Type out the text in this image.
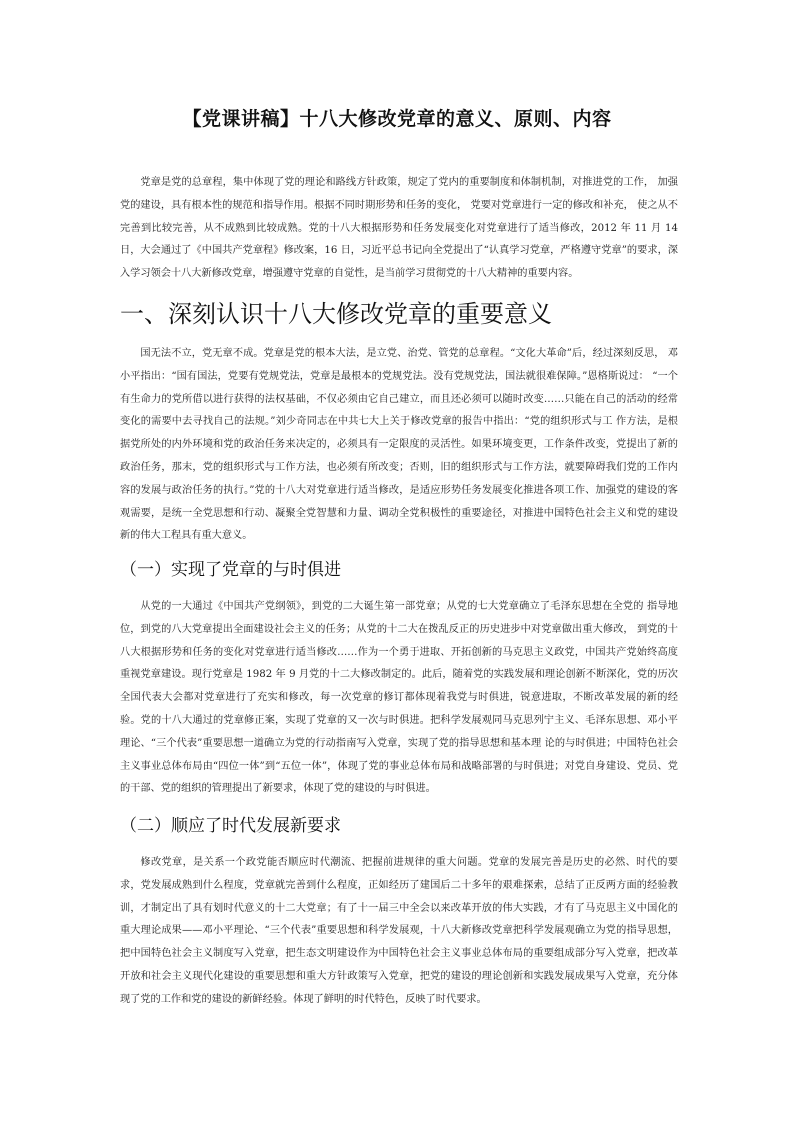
【党课讲稿】十八大修改党章的意义、原则、内容

党章是党的总章程，集中体现了党的理论和路线方针政策，规定了党内的重要制度和体制机制，对推进党的工作， 加强党的建设，具有根本性的规范和指导作用。根据不同时期形势和任务的变化， 党要对党章进行一定的修改和补充， 使之从不完善到比较完善，从不成熟到比较成熟。党的十八大根据形势和任务发展变化对党章进行了适当修改，2012 年 11 月 14 日，大会通过了《中国共产党章程》修改案，16 日，习近平总书记向全党提出了“认真学习党章，严格遵守党章”的要求，深入学习领会十八大新修改党章，增强遵守党章的自觉性，是当前学习贯彻党的十八大精神的重要内容。

一、深刻认识十八大修改党章的重要意义

国无法不立，党无章不成。党章是党的根本大法，是立党、治党、管党的总章程。“文化大革命”后，经过深刻反思， 邓小平指出：“国有国法，党要有党规党法，党章是最根本的党规党法。没有党规党法，国法就很难保障。”恩格斯说过： “一个有生命力的党所借以进行获得的法权基础，不仅必须由它自己建立，而且还必须可以随时改变……只能在自己的活动的经常变化的需要中去寻找自己的法规。”刘少奇同志在中共七大上关于修改党章的报告中指出：“党的组织形式与工 作方法，是根据党所处的内外环境和党的政治任务来决定的，必须具有一定限度的灵活性。如果环境变更，工作条件改变，党提出了新的政治任务，那末，党的组织形式与工作方法，也必须有所改变；否则，旧的组织形式与工作方法，就要障碍我们党的工作内容的发展与政治任务的执行。”党的十八大对党章进行适当修改，是适应形势任务发展变化推进各项工作、加强党的建设的客观需要，是统一全党思想和行动、凝聚全党智慧和力量、调动全党积极性的重要途径，对推进中国特色社会主义和党的建设新的伟大工程具有重大意义。

（一）实现了党章的与时俱进

从党的一大通过《中国共产党纲领》，到党的二大诞生第一部党章；从党的七大党章确立了毛泽东思想在全党的 指导地位，到党的八大党章提出全面建设社会主义的任务；从党的十二大在拨乱反正的历史进步中对党章做出重大修改， 到党的十八大根据形势和任务的变化对党章进行适当修改……作为一个勇于进取、开拓创新的马克思主义政党，中国共产党始终高度重视党章建设。现行党章是 1982 年 9 月党的十二大修改制定的。此后，随着党的实践发展和理论创新不断深化，党的历次全国代表大会都对党章进行了充实和修改，每一次党章的修订都体现着我党与时俱进，锐意进取，不断改革发展的新的经验。党的十八大通过的党章修正案，实现了党章的又一次与时俱进。把科学发展观同马克思列宁主义、毛泽东思想、邓小平理论、“三个代表”重要思想一道确立为党的行动指南写入党章，实现了党的指导思想和基本理 论的与时俱进；中国特色社会主义事业总体布局由“四位一体”到“五位一体”，体现了党的事业总体布局和战略部署的与时俱进；对党自身建设、党员、党的干部、党的组织的管理提出了新要求，体现了党的建设的与时俱进。

（二）顺应了时代发展新要求

修改党章，是关系一个政党能否顺应时代潮流、把握前进规律的重大问题。党章的发展完善是历史的必然、时代的要求，党发展成熟到什么程度，党章就完善到什么程度，正如经历了建国后二十多年的艰难探索，总结了正反两方面的经验教训，才制定出了具有划时代意义的十二大党章；有了十一届三中全会以来改革开放的伟大实践，才有了马克思主义中国化的重大理论成果——邓小平理论、“三个代表”重要思想和科学发展观，十八大新修改党章把科学发展观确立为党的指导思想，把中国特色社会主义制度写入党章，把生态文明建设作为中国特色社会主义事业总体布局的重要组成部分写入党章，把改革开放和社会主义现代化建设的重要思想和重大方针政策写入党章，把党的建设的理论创新和实践发展成果写入党章，充分体现了党的工作和党的建设的新鲜经验。体现了鲜明的时代特色，反映了时代要求。
